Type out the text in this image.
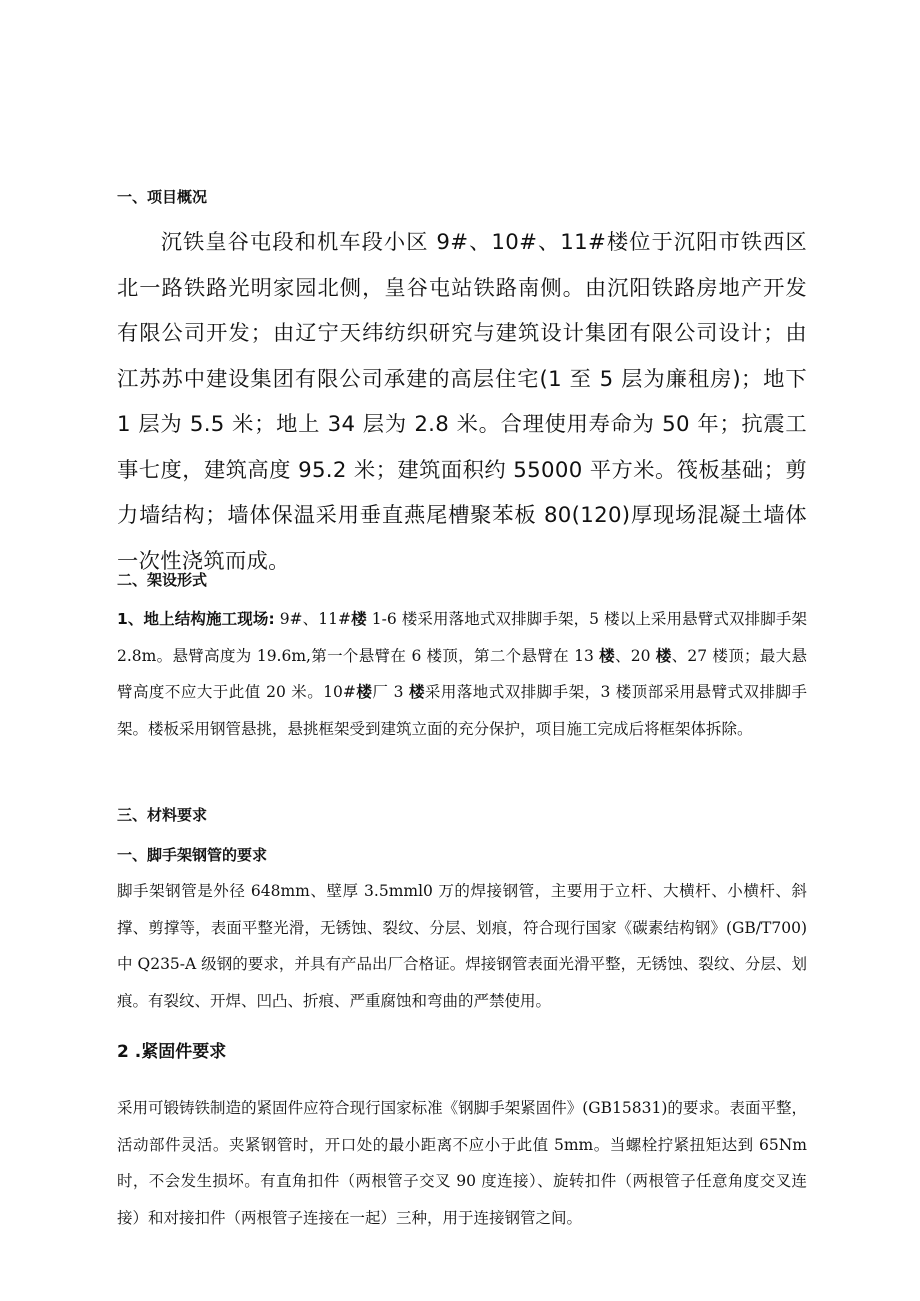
一、项目概况

沉铁皇谷屯段和机车段小区 9#、10#、11#楼位于沉阳市铁西区北一路铁路光明家园北侧，皇谷屯站铁路南侧。由沉阳铁路房地产开发有限公司开发；由辽宁天纬纺织研究与建筑设计集团有限公司设计；由江苏苏中建设集团有限公司承建的高层住宅(1 至 5 层为廉租房)；地下 1 层为 5.5 米；地上 34 层为 2.8 米。合理使用寿命为 50 年；抗震工事七度，建筑高度 95.2 米；建筑面积约 55000 平方米。筏板基础；剪力墙结构；墙体保温采用垂直燕尾槽聚苯板 80(120)厚现场混凝土墙体一次性浇筑而成。

二、架设形式

1、地上结构施工现场: 9#、11#楼 1-6 楼采用落地式双排脚手架，5 楼以上采用悬臂式双排脚手架 2.8m。悬臂高度为 19.6m,第一个悬臂在 6 楼顶，第二个悬臂在 13 楼、20 楼、27 楼顶；最大悬臂高度不应大于此值 20 米。10#楼厂 3 楼采用落地式双排脚手架，3 楼顶部采用悬臂式双排脚手架。楼板采用钢管悬挑，悬挑框架受到建筑立面的充分保护，项目施工完成后将框架体拆除。

三、材料要求
一、脚手架钢管的要求

脚手架钢管是外径 648mm、壁厚 3.5mml0 万的焊接钢管，主要用于立杆、大横杆、小横杆、斜撑、剪撑等，表面平整光滑，无锈蚀、裂纹、分层、划痕，符合现行国家《碳素结构钢》(GB/T700)中 Q235-A 级钢的要求，并具有产品出厂合格证。焊接钢管表面光滑平整，无锈蚀、裂纹、分层、划痕。有裂纹、开焊、凹凸、折痕、严重腐蚀和弯曲的严禁使用。

2 .紧固件要求

采用可锻铸铁制造的紧固件应符合现行国家标准《钢脚手架紧固件》(GB15831)的要求。表面平整，活动部件灵活。夹紧钢管时，开口处的最小距离不应小于此值 5mm。当螺栓拧紧扭矩达到 65Nm 时，不会发生损坏。有直角扣件（两根管子交叉 90 度连接）、旋转扣件（两根管子任意角度交叉连接）和对接扣件（两根管子连接在一起）三种，用于连接钢管之间。
